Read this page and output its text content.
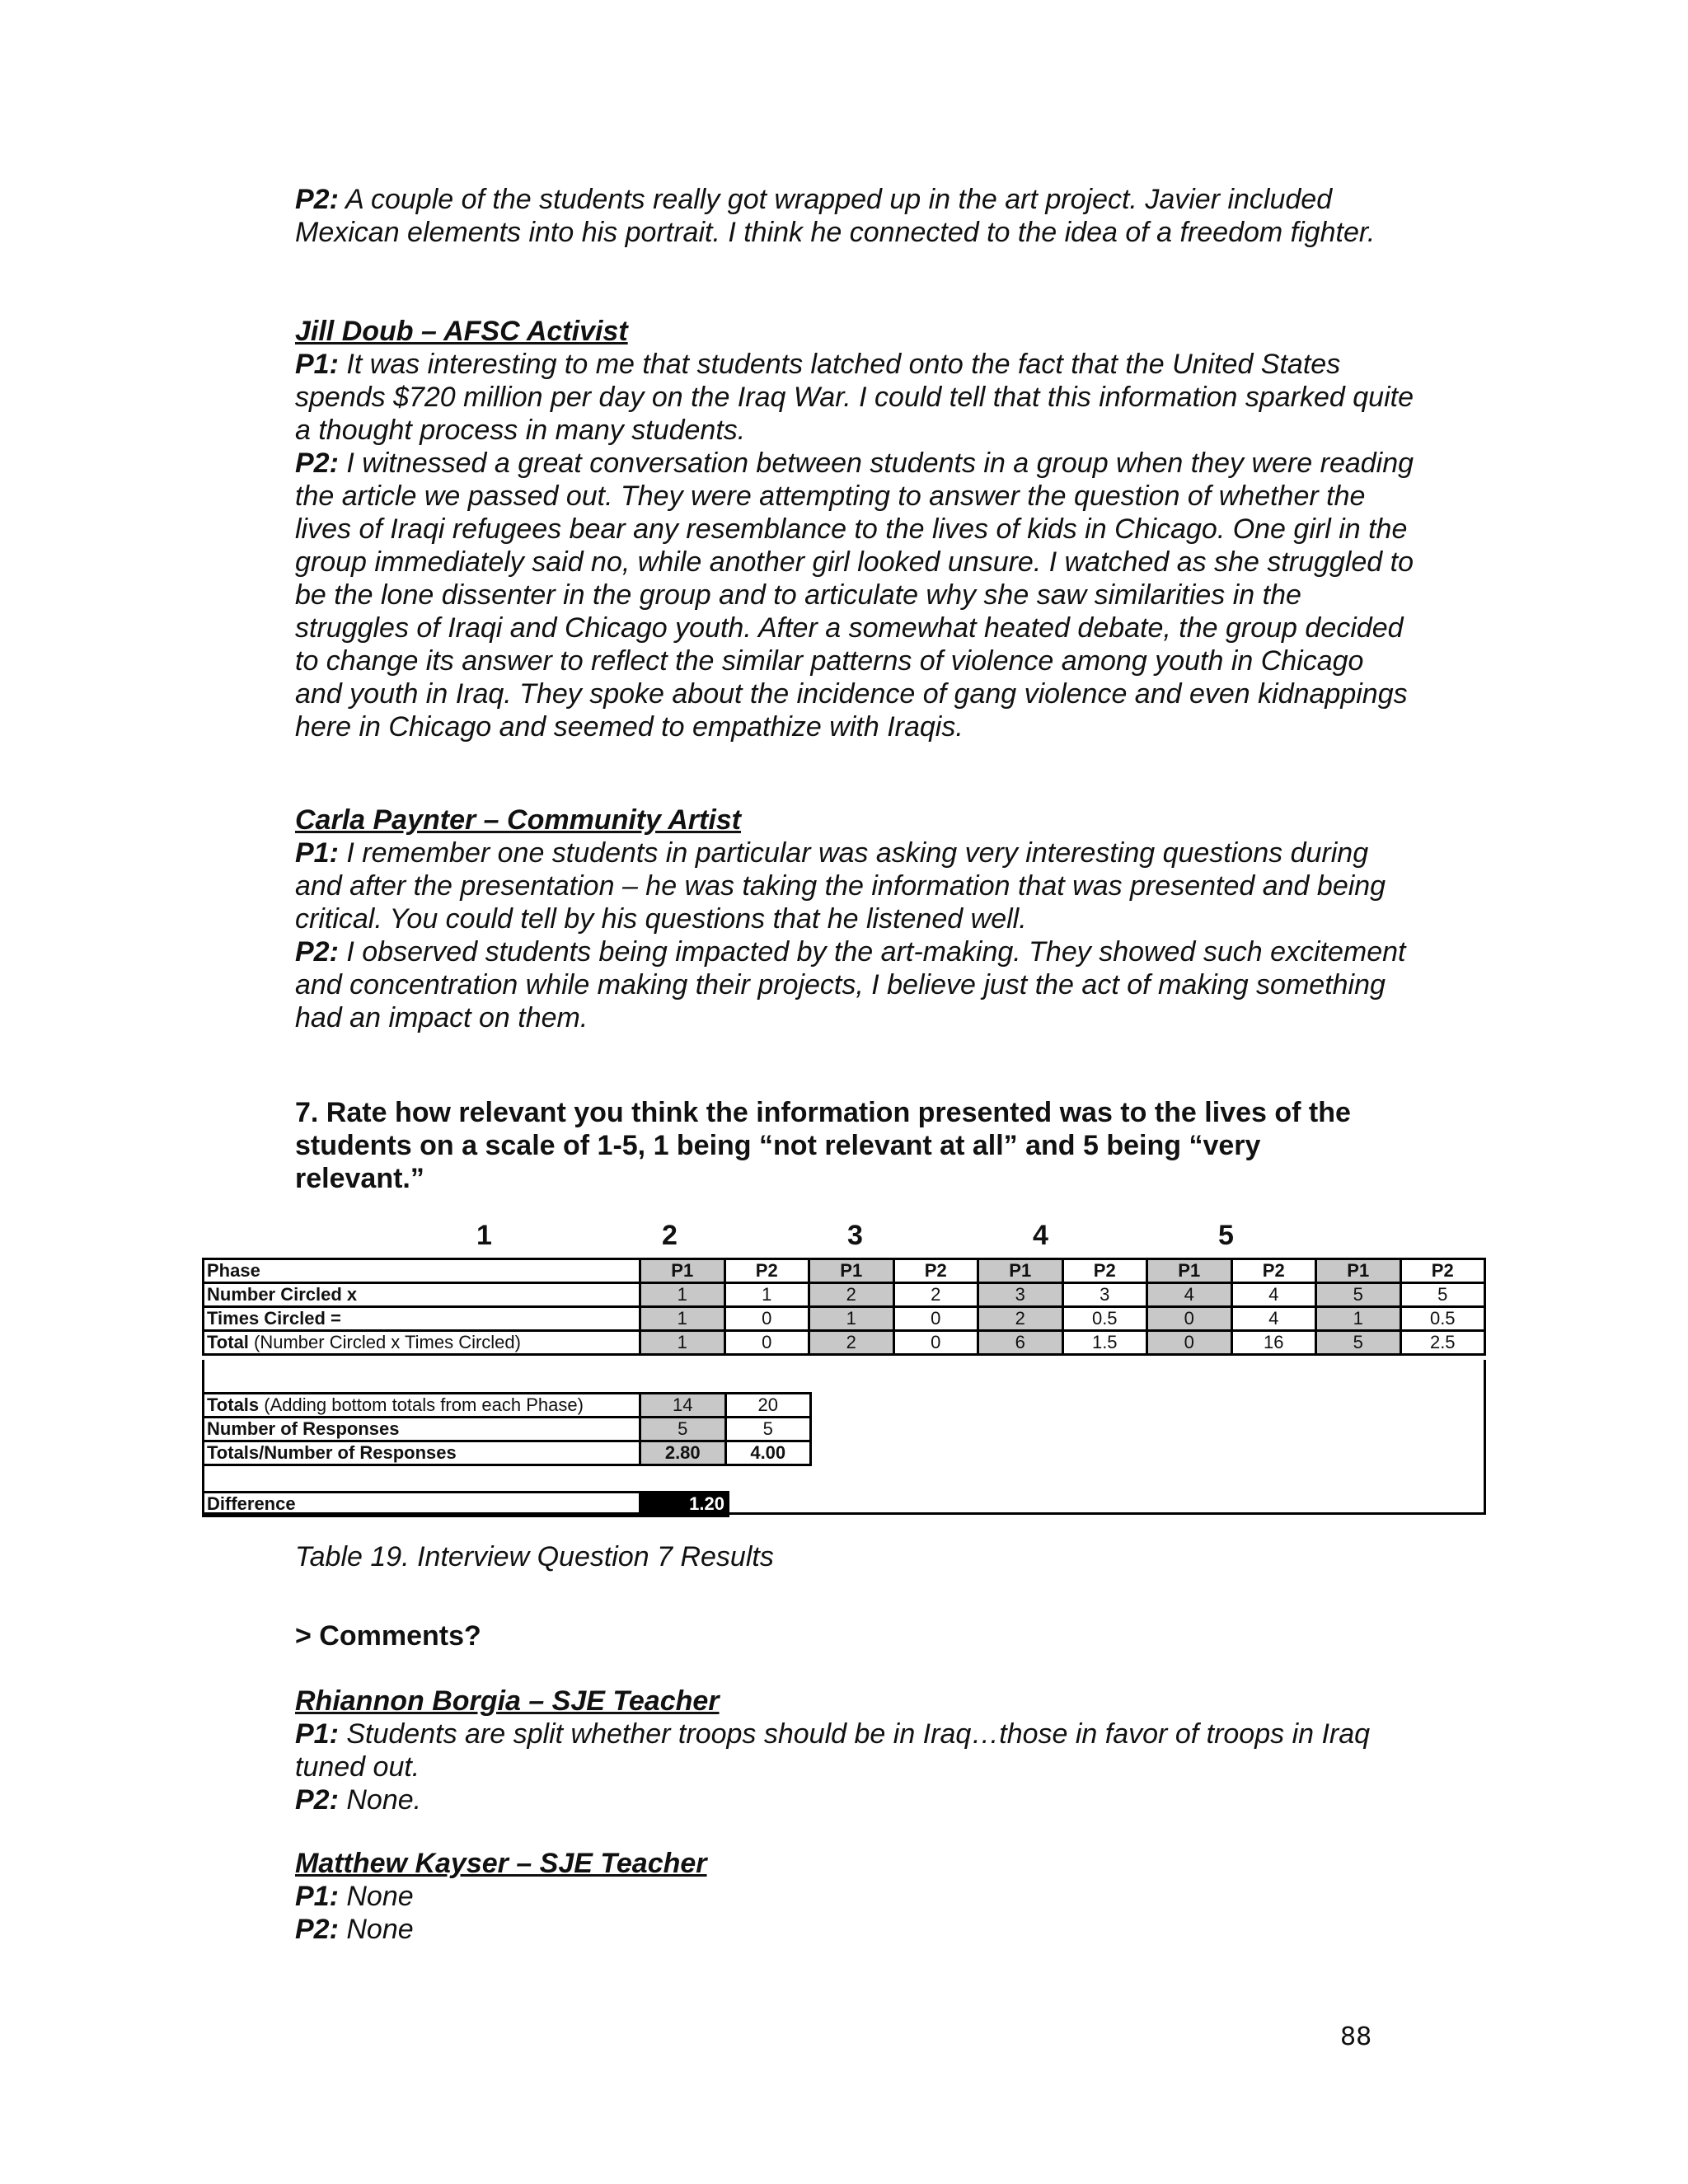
P2: A couple of the students really got wrapped up in the art project. Javier included Mexican elements into his portrait. I think he connected to the idea of a freedom fighter.

Jill Doub – AFSC Activist

P1: It was interesting to me that students latched onto the fact that the United States spends $720 million per day on the Iraq War. I could tell that this information sparked quite a thought process in many students.

P2: I witnessed a great conversation between students in a group when they were reading the article we passed out. They were attempting to answer the question of whether the lives of Iraqi refugees bear any resemblance to the lives of kids in Chicago. One girl in the group immediately said no, while another girl looked unsure. I watched as she struggled to be the lone dissenter in the group and to articulate why she saw similarities in the struggles of Iraqi and Chicago youth. After a somewhat heated debate, the group decided to change its answer to reflect the similar patterns of violence among youth in Chicago and youth in Iraq. They spoke about the incidence of gang violence and even kidnappings here in Chicago and seemed to empathize with Iraqis.

Carla Paynter – Community Artist

P1: I remember one students in particular was asking very interesting questions during and after the presentation – he was taking the information that was presented and being critical. You could tell by his questions that he listened well.

P2: I observed students being impacted by the art-making. They showed such excitement and concentration while making their projects, I believe just the act of making something had an impact on them.

7. Rate how relevant you think the information presented was to the lives of the students on a scale of 1-5, 1 being “not relevant at all” and 5 being “very relevant.”
1	2	3	4	5
Phase	P1	P2	P1	P2	P1	P2	P1	P2	P1	P2
Number Circled x	1	1	2	2	3	3	4	4	5	5
Times Circled =	1	0	1	0	2	0.5	0	4	1	0.5
Total (Number Circled x Times Circled)	1	0	2	0	6	1.5	0	16	5	2.5
Totals (Adding bottom totals from each Phase)	14	20
Number of Responses	5	5
Totals/Number of Responses	2.80	4.00
Difference	1.20
Table 19. Interview Question 7 Results
> Comments?

Rhiannon Borgia – SJE Teacher

P1: Students are split whether troops should be in Iraq…those in favor of troops in Iraq tuned out.

P2: None.

Matthew Kayser – SJE Teacher

P1: None

P2: None

88
